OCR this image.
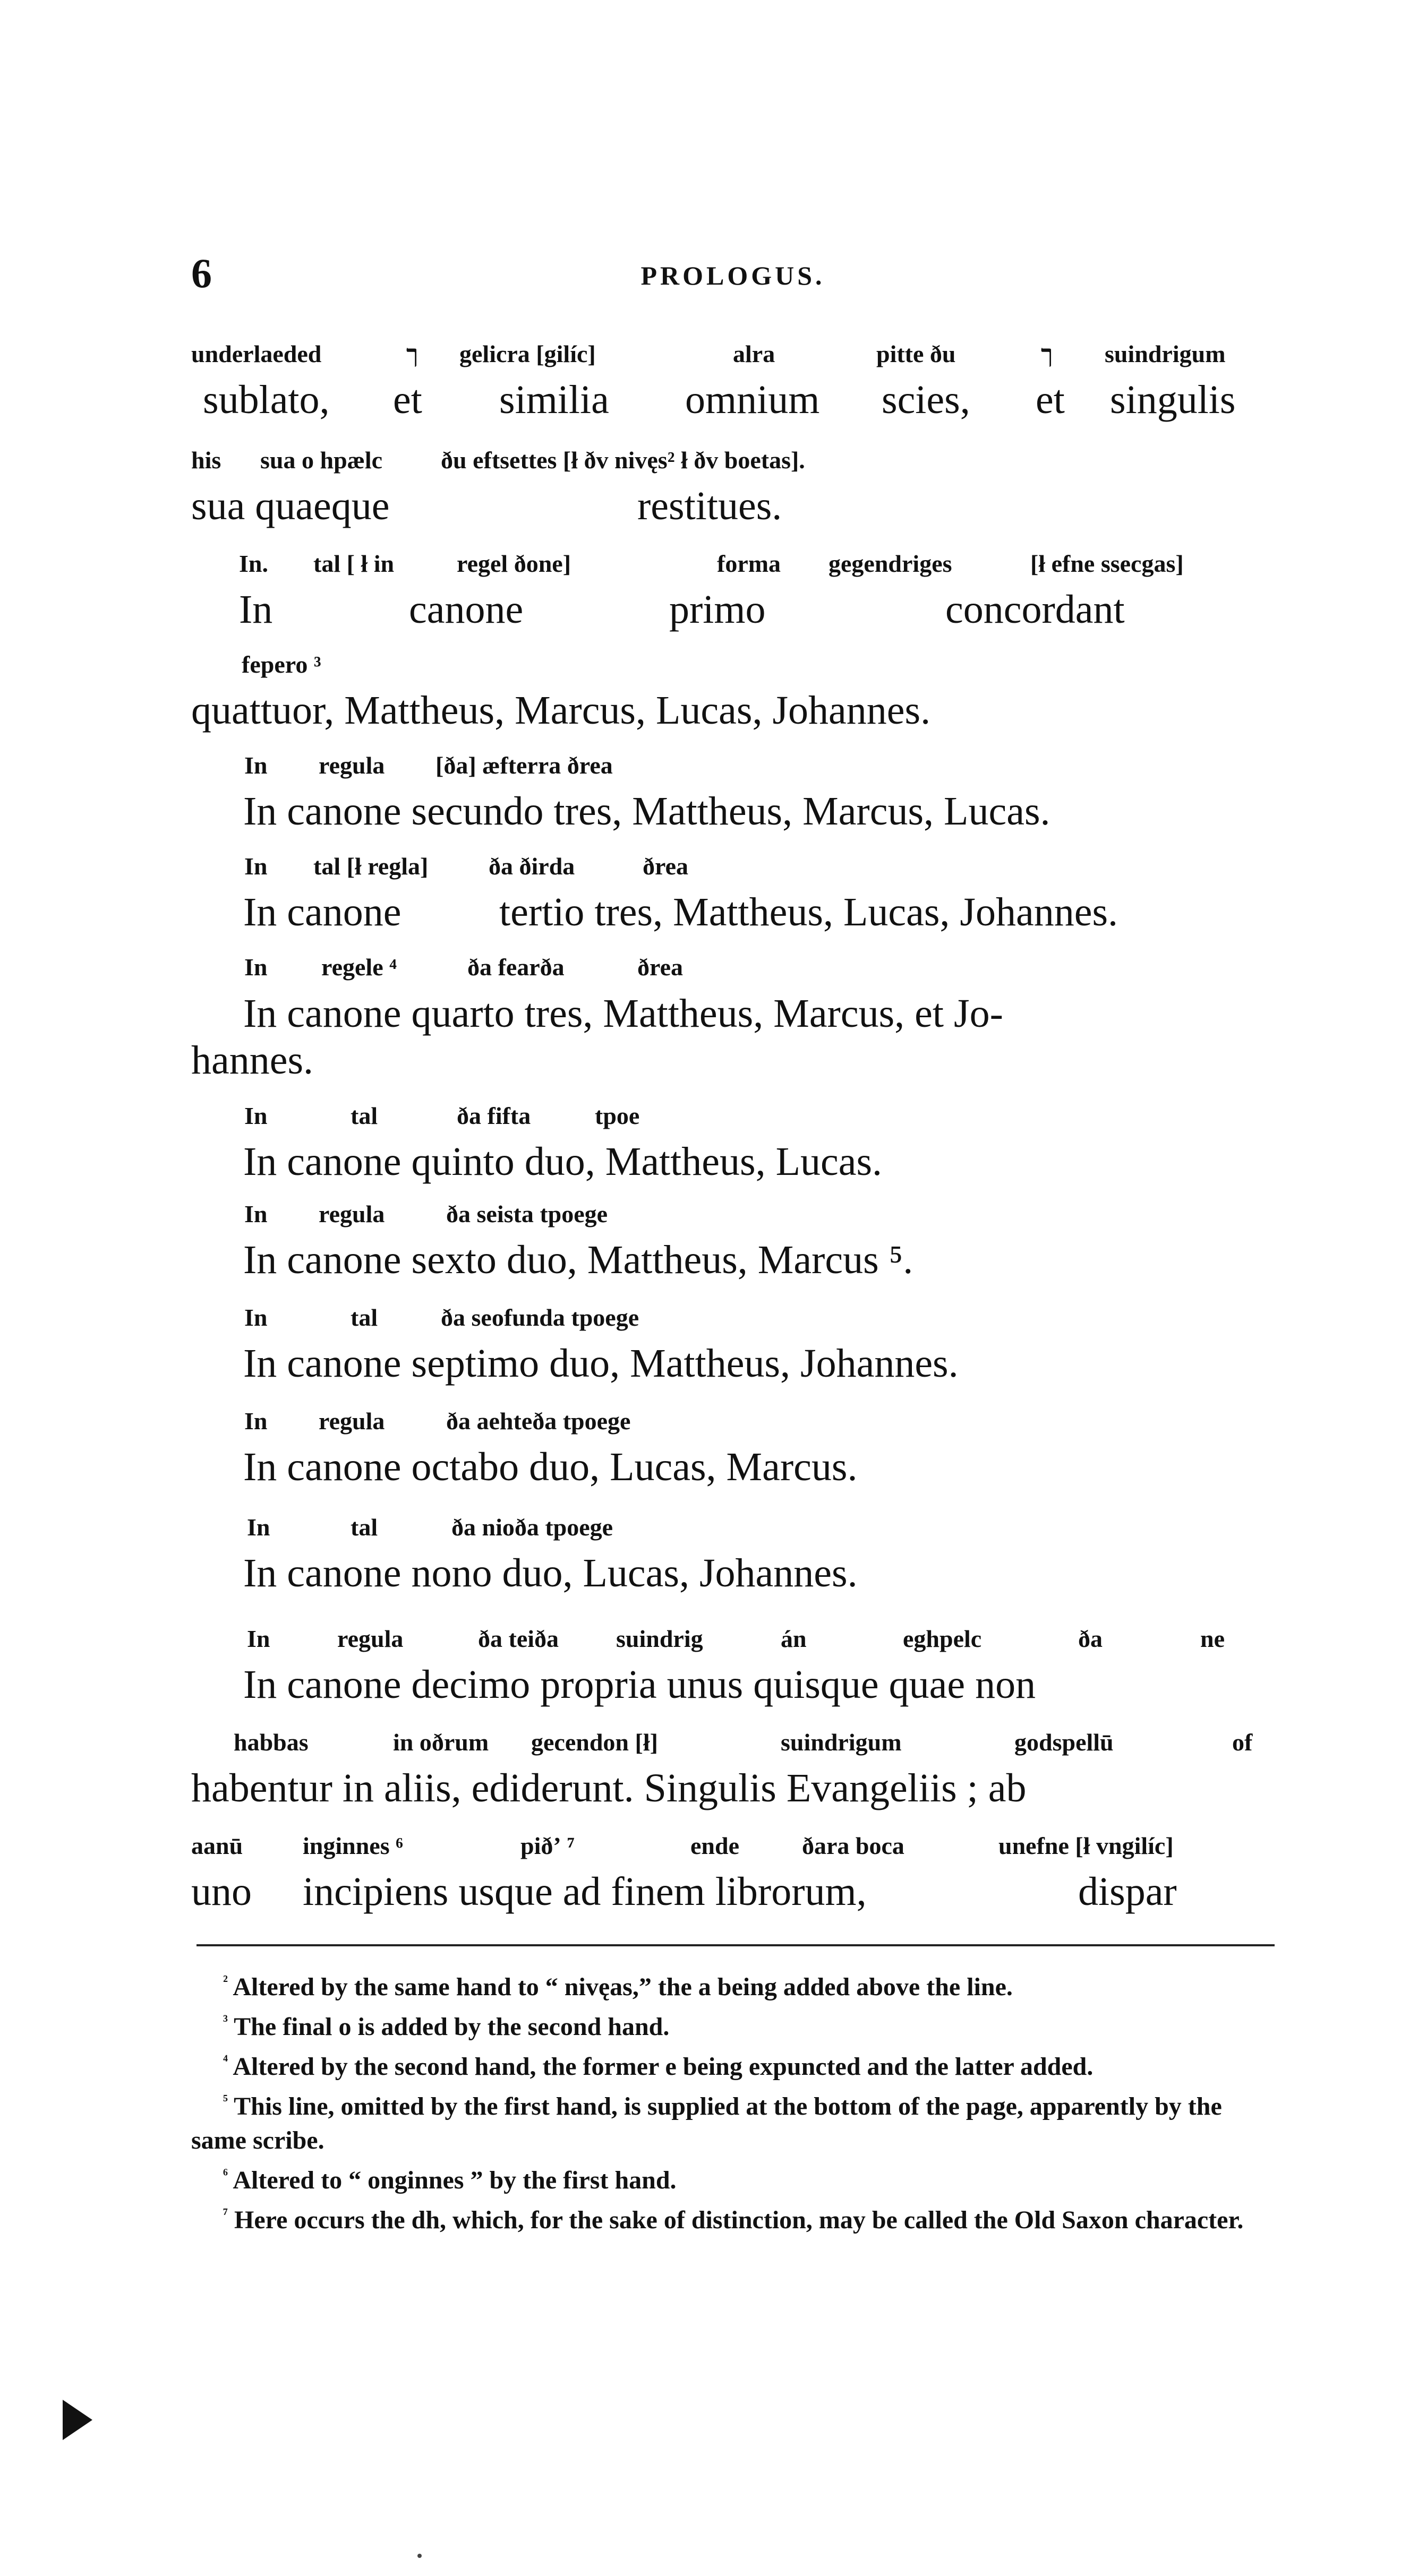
6	PROLOGUS.
underlaeded	ך gelicra [gilíc]	alra	pitte ðu	ך suindrigum
sublato, et similia omnium scies, et singulis
his sua o hpælc ðu eftsettes [ł ðv nivęs² ł ðv boetas].
sua quaeque	restitues.
In. tal [ ł in	regel ðone]	forma gegendriges	[ł efne ssecgas]
In	canone	primo	concordant
fepero ³
quattuor, Mattheus, Marcus, Lucas, Johannes.
In regula [ða] æfterra ðrea
In canone secundo tres, Mattheus, Marcus, Lucas.
In tal [ł regla] ða ðirda	ðrea
In canone tertio tres, Mattheus, Lucas, Johannes.
In regele ⁴	ða fearða	ðrea
In canone quarto tres, Mattheus, Marcus, et Jo-
hannes.
In	tal	ða fifta	tpoe
In canone quinto duo, Mattheus, Lucas.
In regula	ða seista tpoege
In canone sexto duo, Mattheus, Marcus ⁵.
In	tal	ða seofunda tpoege
In canone septimo duo, Mattheus, Johannes.
In regula	ða aehteða tpoege
In canone octabo duo, Lucas, Marcus.
In	tal	ða nioða tpoege
In canone nono duo, Lucas, Johannes.
In	regula	ða teiða suindrig	án	eghpelc	ða	ne
In canone decimo propria unus quisque quae non
habbas	in oðrum gecendon [ł]	suindrigum	godspellū	of
habentur in aliis, ediderunt. Singulis Evangeliis ; ab
aanū inginnes ⁶	piðʼ ⁷	ende	ðara boca	unefne [ł vngilíc]
uno incipiens usque ad finem librorum,	dispar

$^{^2}$ Altered by the same hand to “ nivęas,” the a being added above the line.

$^{^3}$ The final o is added by the second hand.

$^{^4}$ Altered by the second hand, the former e being expuncted and the latter added.

$^{^5}$ This line, omitted by the first hand, is supplied at the bottom of the page, apparently by the same scribe.

$^{^6}$ Altered to “ onginnes ” by the first hand.

$^{^7}$ Here occurs the dh, which, for the sake of distinction, may be called the Old Saxon character.
